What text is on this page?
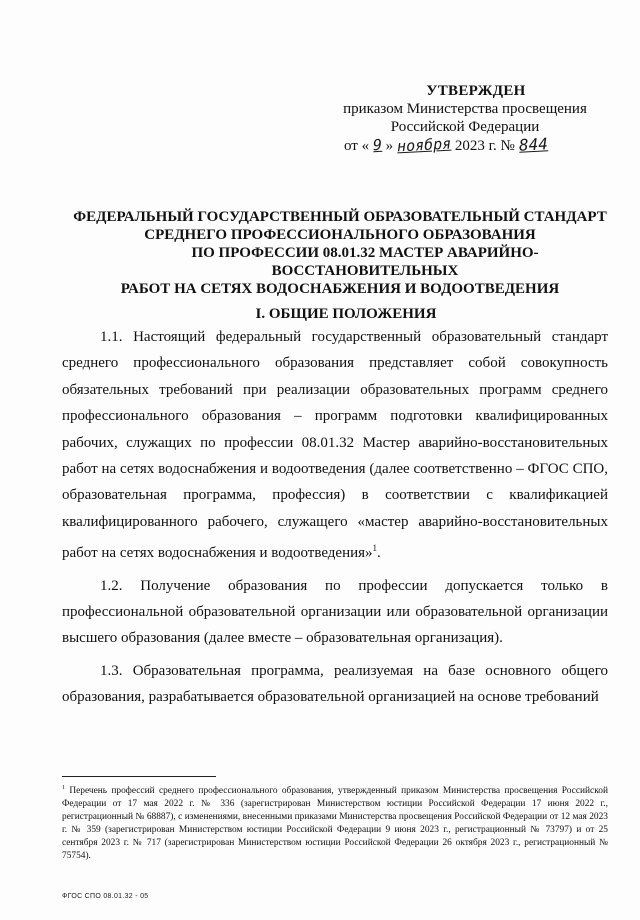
УТВЕРЖДЕН
приказом Министерства просвещения
Российской Федерации
от « 9 » ноября 2023 г. № 844
ФЕДЕРАЛЬНЫЙ ГОСУДАРСТВЕННЫЙ ОБРАЗОВАТЕЛЬНЫЙ СТАНДАРТ
СРЕДНЕГО ПРОФЕССИОНАЛЬНОГО ОБРАЗОВАНИЯ
ПО ПРОФЕССИИ 08.01.32 МАСТЕР АВАРИЙНО-ВОССТАНОВИТЕЛЬНЫХ
РАБОТ НА СЕТЯХ ВОДОСНАБЖЕНИЯ И ВОДООТВЕДЕНИЯ
I. ОБЩИЕ ПОЛОЖЕНИЯ

1.1. Настоящий федеральный государственный образовательный стандарт среднего профессионального образования представляет собой совокупность обязательных требований при реализации образовательных программ среднего профессионального образования – программ подготовки квалифицированных рабочих, служащих по профессии 08.01.32 Мастер аварийно-восстановительных работ на сетях водоснабжения и водоотведения (далее соответственно – ФГОС СПО, образовательная программа, профессия) в соответствии с квалификацией квалифицированного рабочего, служащего «мастер аварийно-восстановительных работ на сетях водоснабжения и водоотведения»$^1$.

1.2. Получение образования по профессии допускается только в профессиональной образовательной организации или образовательной организации высшего образования (далее вместе – образовательная организация).

1.3. Образовательная программа, реализуемая на базе основного общего образования, разрабатывается образовательной организацией на основе требований

$^1$ Перечень профессий среднего профессионального образования, утвержденный приказом Министерства просвещения Российской Федерации от 17 мая 2022 г. № 336 (зарегистрирован Министерством юстиции Российской Федерации 17 июня 2022 г., регистрационный № 68887), с изменениями, внесенными приказами Министерства просвещения Российской Федерации от 12 мая 2023 г. № 359 (зарегистрирован Министерством юстиции Российской Федерации 9 июня 2023 г., регистрационный № 73797) и от 25 сентября 2023 г. № 717 (зарегистрирован Министерством юстиции Российской Федерации 26 октября 2023 г., регистрационный № 75754).
ФГОС СПО 08.01.32 - 05
